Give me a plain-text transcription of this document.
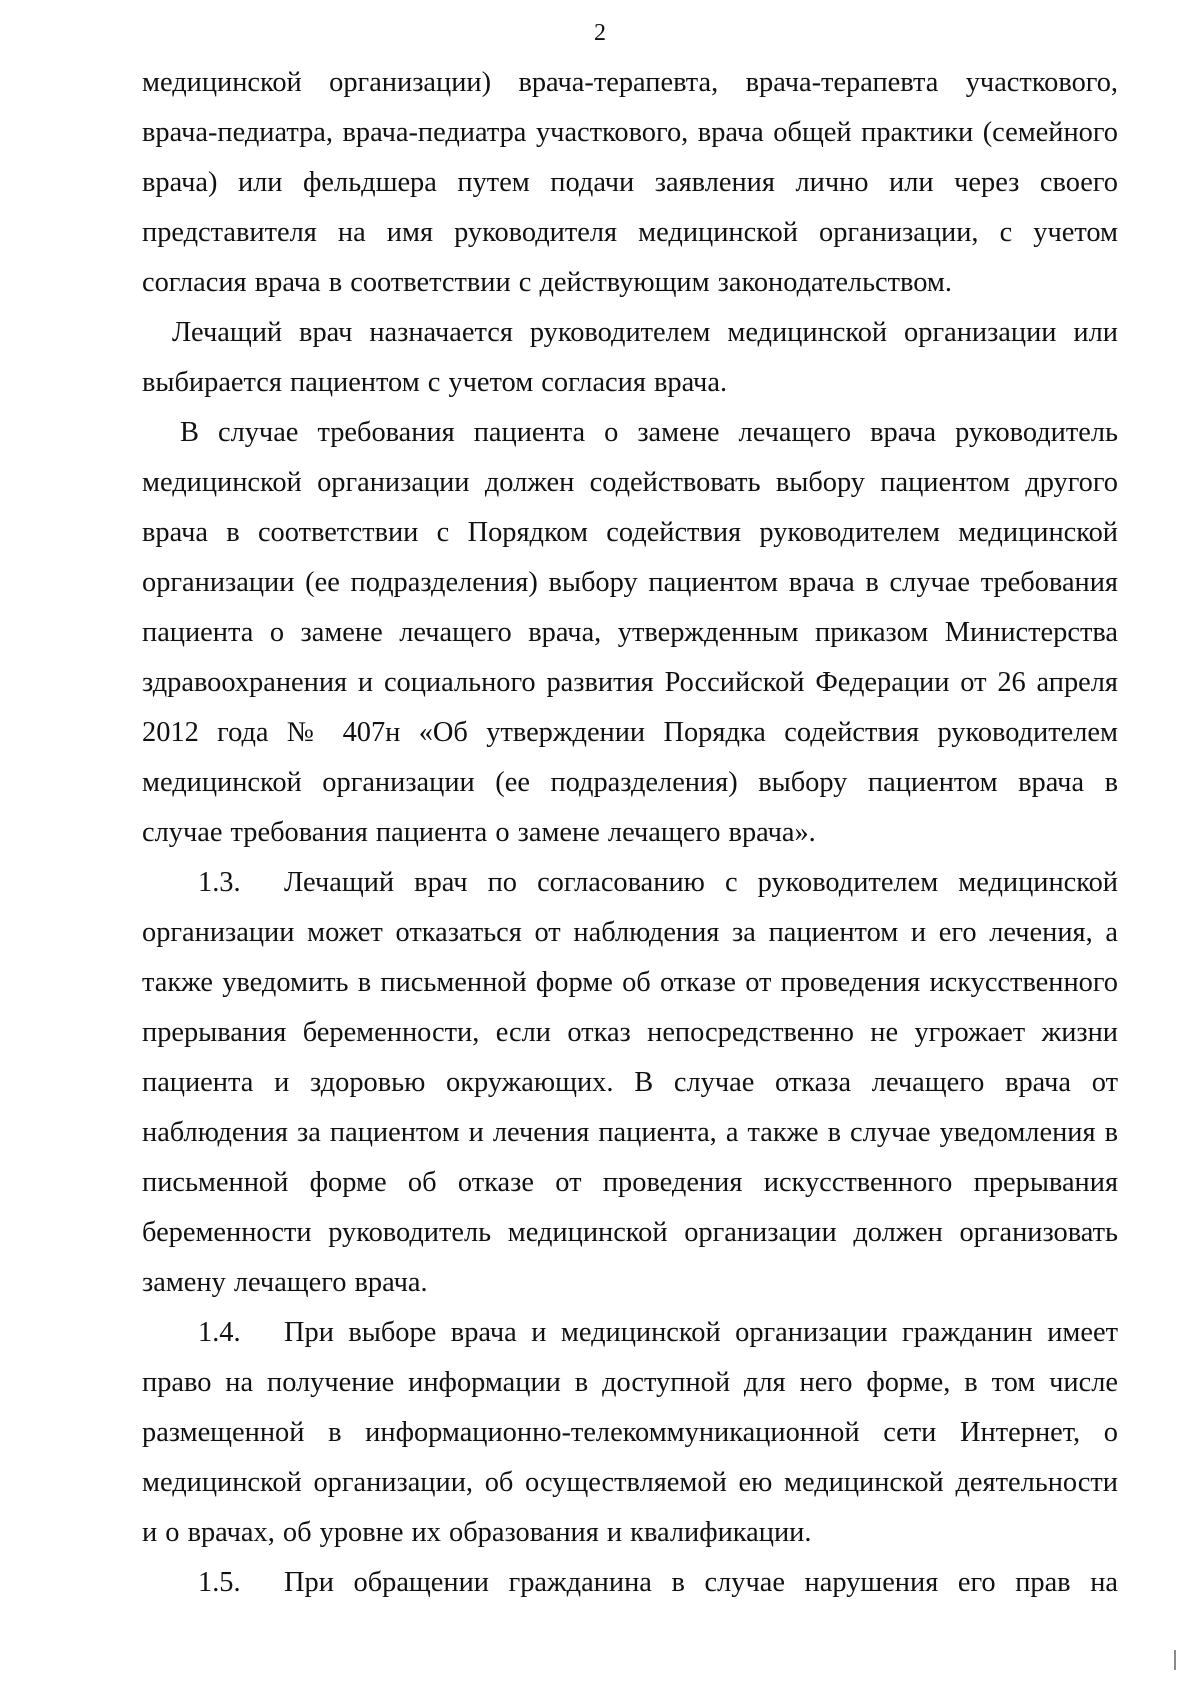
2

медицинской организации) врача-терапевта, врача-терапевта участкового, врача-педиатра, врача-педиатра участкового, врача общей практики (семейного врача) или фельдшера путем подачи заявления лично или через своего представителя на имя руководителя медицинской организации, с учетом согласия врача в соответствии с действующим законодательством.

Лечащий врач назначается руководителем медицинской организации или выбирается пациентом с учетом согласия врача.

В случае требования пациента о замене лечащего врача руководитель медицинской организации должен содействовать выбору пациентом другого врача в соответствии с Порядком содействия руководителем медицинской организации (ее подразделения) выбору пациентом врача в случае требования пациента о замене лечащего врача, утвержденным приказом Министерства здравоохранения и социального развития Российской Федерации от 26 апреля 2012 года № 407н «Об утверждении Порядка содействия руководителем медицинской организации (ее подразделения) выбору пациентом врача в случае требования пациента о замене лечащего врача».

1.3. Лечащий врач по согласованию с руководителем медицинской организации может отказаться от наблюдения за пациентом и его лечения, а также уведомить в письменной форме об отказе от проведения искусственного прерывания беременности, если отказ непосредственно не угрожает жизни пациента и здоровью окружающих. В случае отказа лечащего врача от наблюдения за пациентом и лечения пациента, а также в случае уведомления в письменной форме об отказе от проведения искусственного прерывания беременности руководитель медицинской организации должен организовать замену лечащего врача.

1.4. При выборе врача и медицинской организации гражданин имеет право на получение информации в доступной для него форме, в том числе размещенной в информационно-телекоммуникационной сети Интернет, о медицинской организации, об осуществляемой ею медицинской деятельности и о врачах, об уровне их образования и квалификации.

1.5. При обращении гражданина в случае нарушения его прав на
